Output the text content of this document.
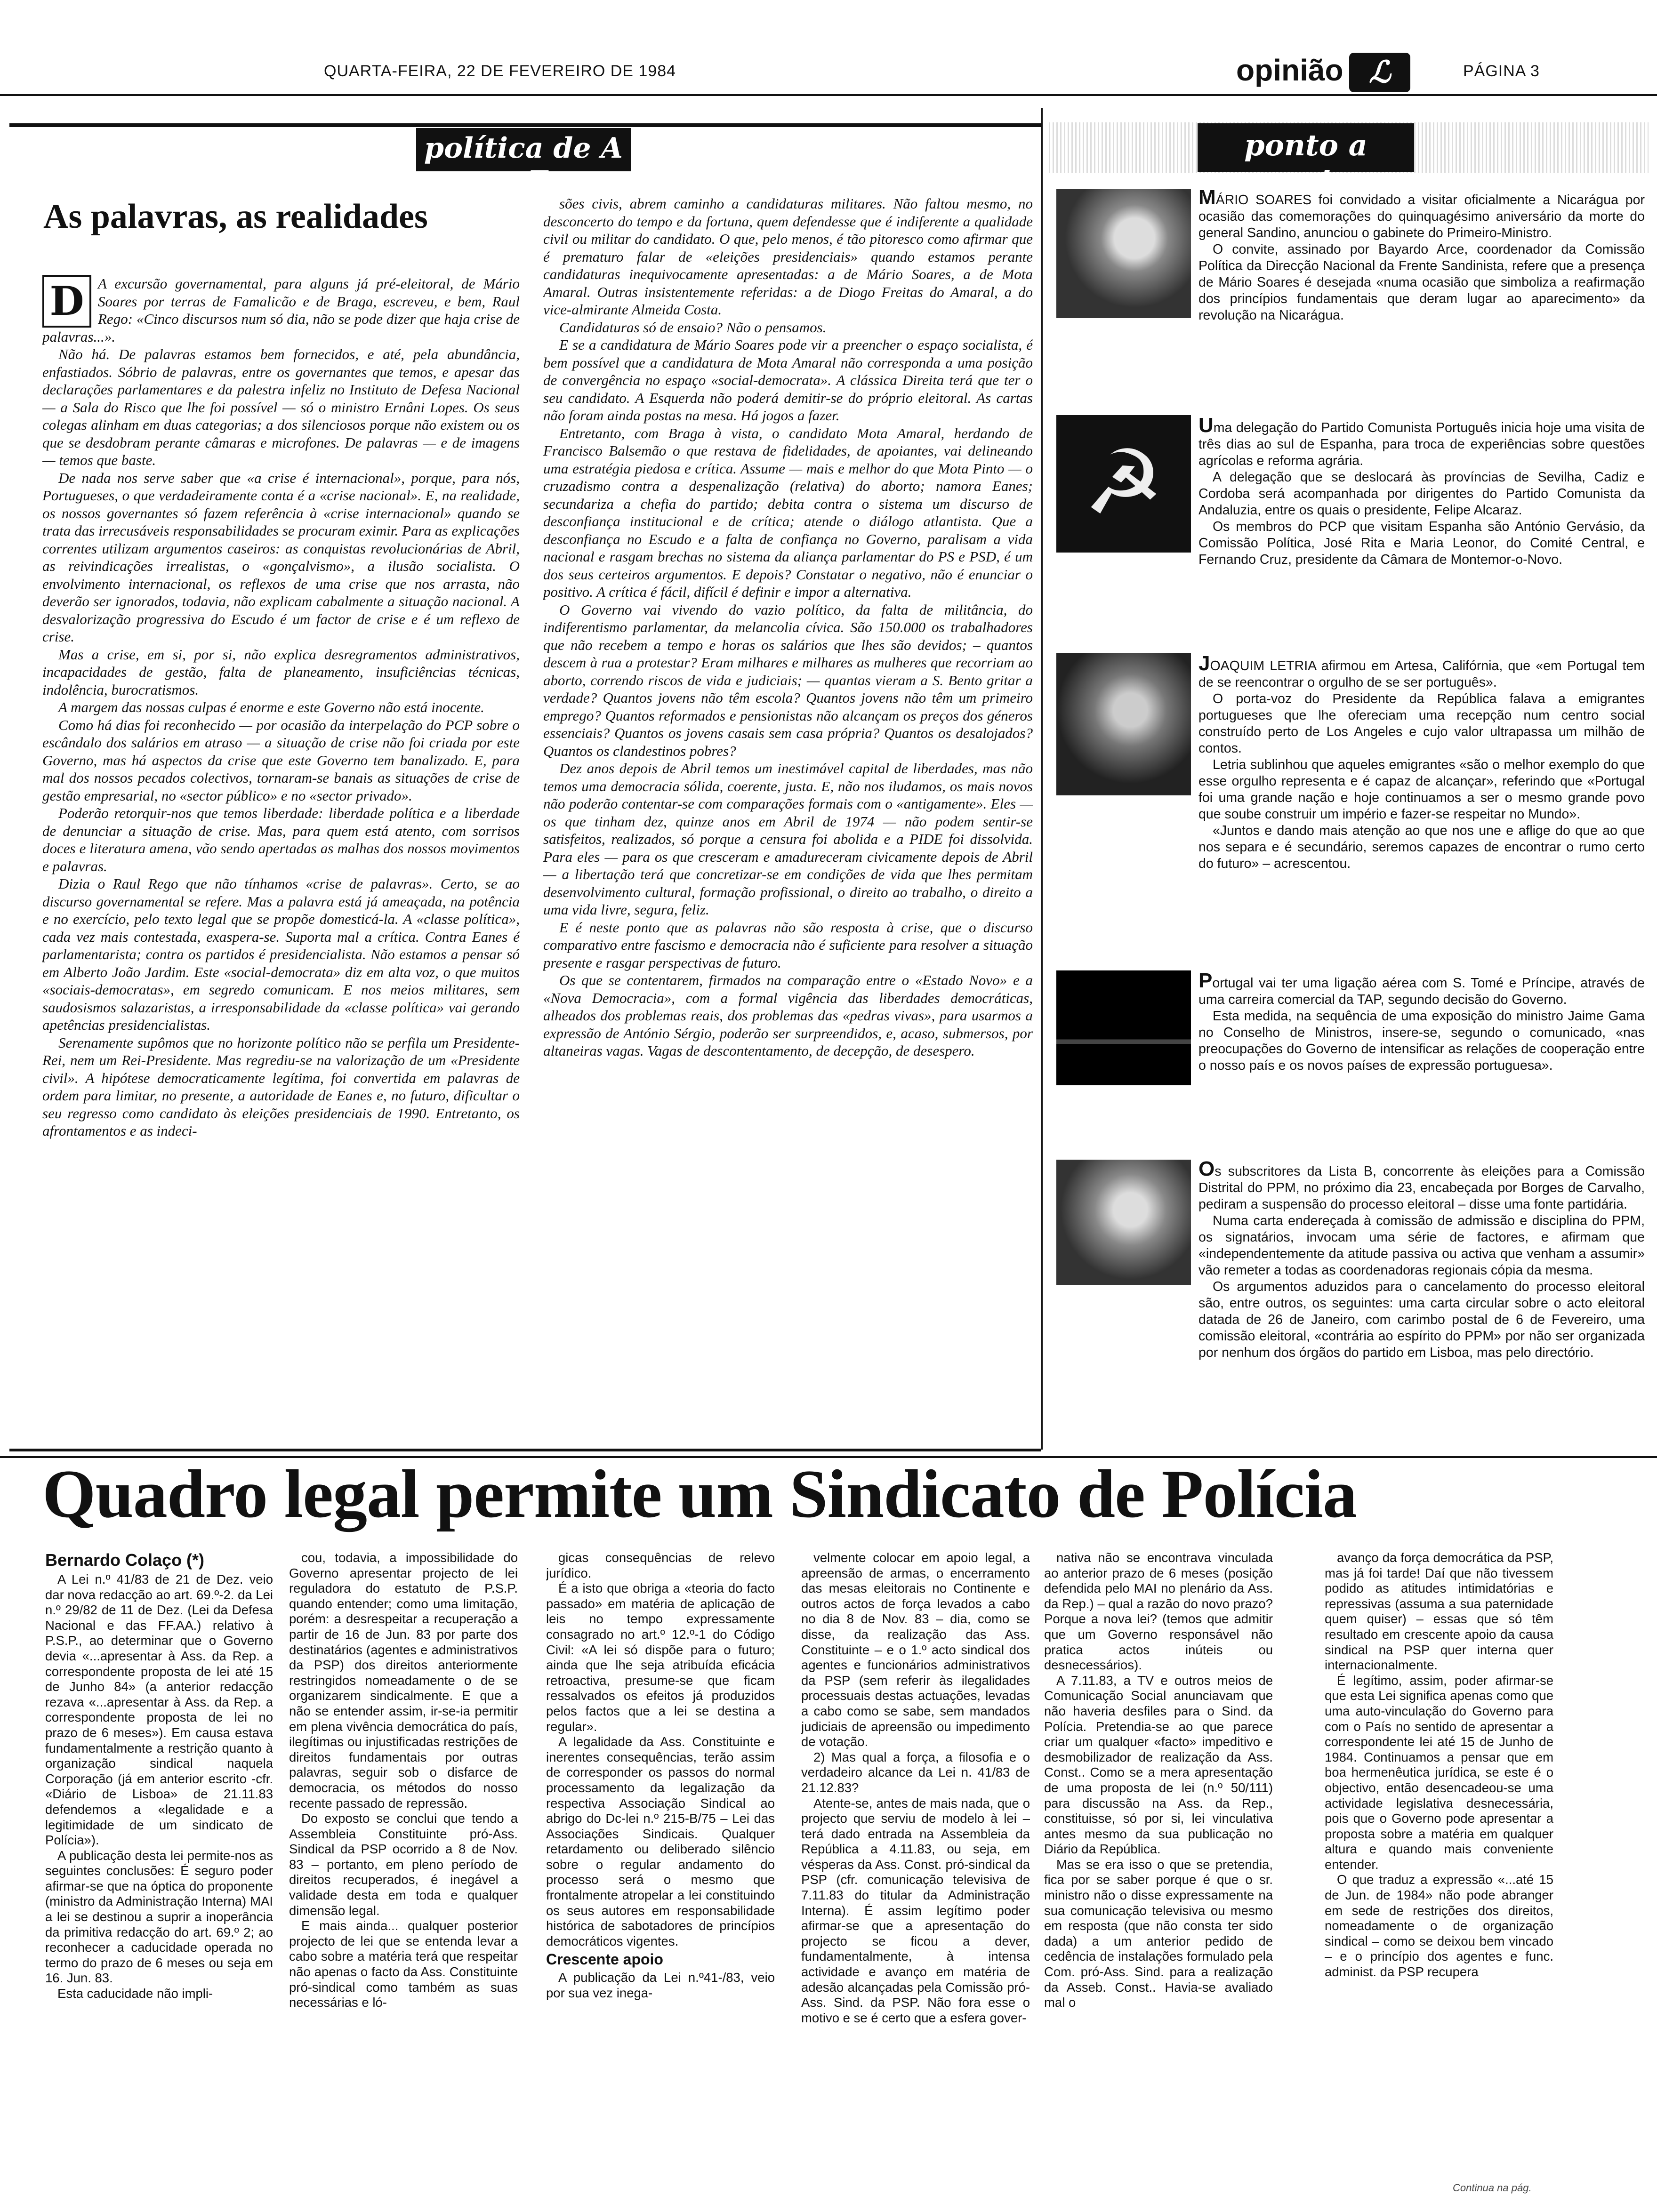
QUARTA-FEIRA, 22 DE FEVEREIRO DE 1984	opinião ℒ	PÁGINA 3
política de A a Z
As palavras, as realidades
D A excursão governamental, para alguns já pré-eleitoral, de Mário Soares por terras de Famalicão e de Braga, escreveu, e bem, Raul Rego: «Cinco discursos num só dia, não se pode dizer que haja crise de palavras...».

Não há. De palavras estamos bem fornecidos, e até, pela abundância, enfastiados. Sóbrio de palavras, entre os governantes que temos, e apesar das declarações parlamentares e da palestra infeliz no Instituto de Defesa Nacional — a Sala do Risco que lhe foi possível — só o ministro Ernâni Lopes. Os seus colegas alinham em duas categorias; a dos silenciosos porque não existem ou os que se desdobram perante câmaras e microfones. De palavras — e de imagens — temos que baste.

De nada nos serve saber que «a crise é internacional», porque, para nós, Portugueses, o que verdadeiramente conta é a «crise nacional». E, na realidade, os nossos governantes só fazem referência à «crise internacional» quando se trata das irrecusáveis responsabilidades se procuram eximir. Para as explicações correntes utilizam argumentos caseiros: as conquistas revolucionárias de Abril, as reivindicações irrealistas, o «gonçalvismo», a ilusão socialista. O envolvimento internacional, os reflexos de uma crise que nos arrasta, não deverão ser ignorados, todavia, não explicam cabalmente a situação nacional. A desvalorização progressiva do Escudo é um factor de crise e é um reflexo de crise.

Mas a crise, em si, por si, não explica desregramentos administrativos, incapacidades de gestão, falta de planeamento, insuficiências técnicas, indolência, burocratismos.

A margem das nossas culpas é enorme e este Governo não está inocente.

Como há dias foi reconhecido — por ocasião da interpelação do PCP sobre o escândalo dos salários em atraso — a situação de crise não foi criada por este Governo, mas há aspectos da crise que este Governo tem banalizado. E, para mal dos nossos pecados colectivos, tornaram-se banais as situações de crise de gestão empresarial, no «sector público» e no «sector privado».

Poderão retorquir-nos que temos liberdade: liberdade política e a liberdade de denunciar a situação de crise. Mas, para quem está atento, com sorrisos doces e literatura amena, vão sendo apertadas as malhas dos nossos movimentos e palavras.

Dizia o Raul Rego que não tínhamos «crise de palavras». Certo, se ao discurso governamental se refere. Mas a palavra está já ameaçada, na potência e no exercício, pelo texto legal que se propõe domesticá-la. A «classe política», cada vez mais contestada, exaspera-se. Suporta mal a crítica. Contra Eanes é parlamentarista; contra os partidos é presidencialista. Não estamos a pensar só em Alberto João Jardim. Este «social-democrata» diz em alta voz, o que muitos «sociais-democratas», em segredo comunicam. E nos meios militares, sem saudosismos salazaristas, a irresponsabilidade da «classe política» vai gerando apetências presidencialistas.

Serenamente supômos que no horizonte político não se perfila um Presidente-Rei, nem um Rei-Presidente. Mas regrediu-se na valorização de um «Presidente civil». A hipótese democraticamente legítima, foi convertida em palavras de ordem para limitar, no presente, a autoridade de Eanes e, no futuro, dificultar o seu regresso como candidato às eleições presidenciais de 1990. Entretanto, os afrontamentos e as indeci-

sões civis, abrem caminho a candidaturas militares. Não faltou mesmo, no desconcerto do tempo e da fortuna, quem defendesse que é indiferente a qualidade civil ou militar do candidato. O que, pelo menos, é tão pitoresco como afirmar que é prematuro falar de «eleições presidenciais» quando estamos perante candidaturas inequivocamente apresentadas: a de Mário Soares, a de Mota Amaral. Outras insistentemente referidas: a de Diogo Freitas do Amaral, a do vice-almirante Almeida Costa.

Candidaturas só de ensaio? Não o pensamos.

E se a candidatura de Mário Soares pode vir a preencher o espaço socialista, é bem possível que a candidatura de Mota Amaral não corresponda a uma posição de convergência no espaço «social-democrata». A clássica Direita terá que ter o seu candidato. A Esquerda não poderá demitir-se do próprio eleitoral. As cartas não foram ainda postas na mesa. Há jogos a fazer.

Entretanto, com Braga à vista, o candidato Mota Amaral, herdando de Francisco Balsemão o que restava de fidelidades, de apoiantes, vai delineando uma estratégia piedosa e crítica. Assume — mais e melhor do que Mota Pinto — o cruzadismo contra a despenalização (relativa) do aborto; namora Eanes; secundariza a chefia do partido; debita contra o sistema um discurso de desconfiança institucional e de crítica; atende o diálogo atlantista. Que a desconfiança no Escudo e a falta de confiança no Governo, paralisam a vida nacional e rasgam brechas no sistema da aliança parlamentar do PS e PSD, é um dos seus certeiros argumentos. E depois? Constatar o negativo, não é enunciar o positivo. A crítica é fácil, difícil é definir e impor a alternativa.

O Governo vai vivendo do vazio político, da falta de militância, do indiferentismo parlamentar, da melancolia cívica. São 150.000 os trabalhadores que não recebem a tempo e horas os salários que lhes são devidos; – quantos descem à rua a protestar? Eram milhares e milhares as mulheres que recorriam ao aborto, correndo riscos de vida e judiciais; — quantas vieram a S. Bento gritar a verdade? Quantos jovens não têm escola? Quantos jovens não têm um primeiro emprego? Quantos reformados e pensionistas não alcançam os preços dos géneros essenciais? Quantos os jovens casais sem casa própria? Quantos os desalojados? Quantos os clandestinos pobres?

Dez anos depois de Abril temos um inestimável capital de liberdades, mas não temos uma democracia sólida, coerente, justa. E, não nos iludamos, os mais novos não poderão contentar-se com comparações formais com o «antigamente». Eles — os que tinham dez, quinze anos em Abril de 1974 — não podem sentir-se satisfeitos, realizados, só porque a censura foi abolida e a PIDE foi dissolvida. Para eles — para os que cresceram e amadureceram civicamente depois de Abril — a libertação terá que concretizar-se em condições de vida que lhes permitam desenvolvimento cultural, formação profissional, o direito ao trabalho, o direito a uma vida livre, segura, feliz.

E é neste ponto que as palavras não são resposta à crise, que o discurso comparativo entre fascismo e democracia não é suficiente para resolver a situação presente e rasgar perspectivas de futuro.

Os que se contentarem, firmados na comparação entre o «Estado Novo» e a «Nova Democracia», com a formal vigência das liberdades democráticas, alheados dos problemas reais, dos problemas das «pedras vivas», para usarmos a expressão de António Sérgio, poderão ser surpreendidos, e, acaso, submersos, por altaneiras vagas. Vagas de descontentamento, de decepção, de desespero.

ponto a ponto
☭

MÁRIO SOARES foi convidado a visitar oficialmente a Nicarágua por ocasião das comemorações do quinquagésimo aniversário da morte do general Sandino, anunciou o gabinete do Primeiro-Ministro.

O convite, assinado por Bayardo Arce, coordenador da Comissão Política da Direcção Nacional da Frente Sandinista, refere que a presença de Mário Soares é desejada «numa ocasião que simboliza a reafirmação dos princípios fundamentais que deram lugar ao aparecimento» da revolução na Nicarágua.

Uma delegação do Partido Comunista Português inicia hoje uma visita de três dias ao sul de Espanha, para troca de experiências sobre questões agrícolas e reforma agrária.

A delegação que se deslocará às províncias de Sevilha, Cadiz e Cordoba será acompanhada por dirigentes do Partido Comunista da Andaluzia, entre os quais o presidente, Felipe Alcaraz.

Os membros do PCP que visitam Espanha são António Gervásio, da Comissão Política, José Rita e Maria Leonor, do Comité Central, e Fernando Cruz, presidente da Câmara de Montemor-o-Novo.

JOAQUIM LETRIA afirmou em Artesa, Califórnia, que «em Portugal tem de se reencontrar o orgulho de se ser português».

O porta-voz do Presidente da República falava a emigrantes portugueses que lhe ofereciam uma recepção num centro social construído perto de Los Angeles e cujo valor ultrapassa um milhão de contos.

Letria sublinhou que aqueles emigrantes «são o melhor exemplo do que esse orgulho representa e é capaz de alcançar», referindo que «Portugal foi uma grande nação e hoje continuamos a ser o mesmo grande povo que soube construir um império e fazer-se respeitar no Mundo».

«Juntos e dando mais atenção ao que nos une e aflige do que ao que nos separa e é secundário, seremos capazes de encontrar o rumo certo do futuro» – acrescentou.

Portugal vai ter uma ligação aérea com S. Tomé e Príncipe, através de uma carreira comercial da TAP, segundo decisão do Governo.

Esta medida, na sequência de uma exposição do ministro Jaime Gama no Conselho de Ministros, insere-se, segundo o comunicado, «nas preocupações do Governo de intensificar as relações de cooperação entre o nosso país e os novos países de expressão portuguesa».

Os subscritores da Lista B, concorrente às eleições para a Comissão Distrital do PPM, no próximo dia 23, encabeçada por Borges de Carvalho, pediram a suspensão do processo eleitoral – disse uma fonte partidária.

Numa carta endereçada à comissão de admissão e disciplina do PPM, os signatários, invocam uma série de factores, e afirmam que «independentemente da atitude passiva ou activa que venham a assumir» vão remeter a todas as coordenadoras regionais cópia da mesma.

Os argumentos aduzidos para o cancelamento do processo eleitoral são, entre outros, os seguintes: uma carta circular sobre o acto eleitoral datada de 26 de Janeiro, com carimbo postal de 6 de Fevereiro, uma comissão eleitoral, «contrária ao espírito do PPM» por não ser organizada por nenhum dos órgãos do partido em Lisboa, mas pelo directório.

Quadro legal permite um Sindicato de Polícia
Bernardo Colaço (*)

A Lei n.º 41/83 de 21 de Dez. veio dar nova redacção ao art. 69.º-2. da Lei n.º 29/82 de 11 de Dez. (Lei da Defesa Nacional e das FF.AA.) relativo à P.S.P., ao determinar que o Governo devia «...apresentar à Ass. da Rep. a correspondente proposta de lei até 15 de Junho 84» (a anterior redacção rezava «...apresentar à Ass. da Rep. a correspondente proposta de lei no prazo de 6 meses»). Em causa estava fundamentalmente a restrição quanto à organização sindical naquela Corporação (já em anterior escrito -cfr. «Diário de Lisboa» de 21.11.83 defendemos a «legalidade e a legitimidade de um sindicato de Polícia»).

A publicação desta lei permite-nos as seguintes conclusões: É seguro poder afirmar-se que na óptica do proponente (ministro da Administração Interna) MAI a lei se destinou a suprir a inoperância da primitiva redacção do art. 69.º 2; ao reconhecer a caducidade operada no termo do prazo de 6 meses ou seja em 16. Jun. 83.

Esta caducidade não impli-

cou, todavia, a impossibilidade do Governo apresentar projecto de lei reguladora do estatuto de P.S.P. quando entender; como uma limitação, porém: a desrespeitar a recuperação a partir de 16 de Jun. 83 por parte dos destinatários (agentes e administrativos da PSP) dos direitos anteriormente restringidos nomeadamente o de se organizarem sindicalmente. E que a não se entender assim, ir-se-ia permitir em plena vivência democrática do país, ilegítimas ou injustificadas restrições de direitos fundamentais por outras palavras, seguir sob o disfarce de democracia, os métodos do nosso recente passado de repressão.

Do exposto se conclui que tendo a Assembleia Constituinte pró-Ass. Sindical da PSP ocorrido a 8 de Nov. 83 – portanto, em pleno período de direitos recuperados, é inegável a validade desta em toda e qualquer dimensão legal.

E mais ainda... qualquer posterior projecto de lei que se entenda levar a cabo sobre a matéria terá que respeitar não apenas o facto da Ass. Constituinte pró-sindical como também as suas necessárias e ló-

gicas consequências de relevo jurídico.

É a isto que obriga a «teoria do facto passado» em matéria de aplicação de leis no tempo expressamente consagrado no art.º 12.º-1 do Código Civil: «A lei só dispõe para o futuro; ainda que lhe seja atribuída eficácia retroactiva, presume-se que ficam ressalvados os efeitos já produzidos pelos factos que a lei se destina a regular».

A legalidade da Ass. Constituinte e inerentes consequências, terão assim de corresponder os passos do normal processamento da legalização da respectiva Associação Sindical ao abrigo do Dc-lei n.º 215-B/75 – Lei das Associações Sindicais. Qualquer retardamento ou deliberado silêncio sobre o regular andamento do processo será o mesmo que frontalmente atropelar a lei constituindo os seus autores em responsabilidade histórica de sabotadores de princípios democráticos vigentes.

Crescente apoio

A publicação da Lei n.º41-/83, veio por sua vez inega-

velmente colocar em apoio legal, a apreensão de armas, o encerramento das mesas eleitorais no Continente e outros actos de força levados a cabo no dia 8 de Nov. 83 – dia, como se disse, da realização das Ass. Constituinte – e o 1.º acto sindical dos agentes e funcionários administrativos da PSP (sem referir às ilegalidades processuais destas actuações, levadas a cabo como se sabe, sem mandados judiciais de apreensão ou impedimento de votação.

2) Mas qual a força, a filosofia e o verdadeiro alcance da Lei n. 41/83 de 21.12.83?

Atente-se, antes de mais nada, que o projecto que serviu de modelo à lei – terá dado entrada na Assembleia da República a 4.11.83, ou seja, em vésperas da Ass. Const. pró-sindical da PSP (cfr. comunicação televisiva de 7.11.83 do titular da Administração Interna). É assim legítimo poder afirmar-se que a apresentação do projecto se ficou a dever, fundamentalmente, à intensa actividade e avanço em matéria de adesão alcançadas pela Comissão pró-Ass. Sind. da PSP. Não fora esse o motivo e se é certo que a esfera gover-

nativa não se encontrava vinculada ao anterior prazo de 6 meses (posição defendida pelo MAI no plenário da Ass. da Rep.) – qual a razão do novo prazo? Porque a nova lei? (temos que admitir que um Governo responsável não pratica actos inúteis ou desnecessários).

A 7.11.83, a TV e outros meios de Comunicação Social anunciavam que não haveria desfiles para o Sind. da Polícia. Pretendia-se ao que parece criar um qualquer «facto» impeditivo e desmobilizador de realização da Ass. Const.. Como se a mera apresentação de uma proposta de lei (n.º 50/111) para discussão na Ass. da Rep., constituisse, só por si, lei vinculativa antes mesmo da sua publicação no Diário da República.

Mas se era isso o que se pretendia, fica por se saber porque é que o sr. ministro não o disse expressamente na sua comunicação televisiva ou mesmo em resposta (que não consta ter sido dada) a um anterior pedido de cedência de instalações formulado pela Com. pró-Ass. Sind. para a realização da Asseb. Const.. Havia-se avaliado mal o

avanço da força democrática da PSP, mas já foi tarde! Daí que não tivessem podido as atitudes intimidatórias e repressivas (assuma a sua paternidade quem quiser) – essas que só têm resultado em crescente apoio da causa sindical na PSP quer interna quer internacionalmente.

É legítimo, assim, poder afirmar-se que esta Lei significa apenas como que uma auto-vinculação do Governo para com o País no sentido de apresentar a correspondente lei até 15 de Junho de 1984. Continuamos a pensar que em boa hermenêutica jurídica, se este é o objectivo, então desencadeou-se uma actividade legislativa desnecessária, pois que o Governo pode apresentar a proposta sobre a matéria em qualquer altura e quando mais conveniente entender.

O que traduz a expressão «...até 15 de Jun. de 1984» não pode abranger em sede de restrições dos direitos, nomeadamente o de organização sindical – como se deixou bem vincado – e o princípio dos agentes e func. administ. da PSP recupera

Continua na pág.
